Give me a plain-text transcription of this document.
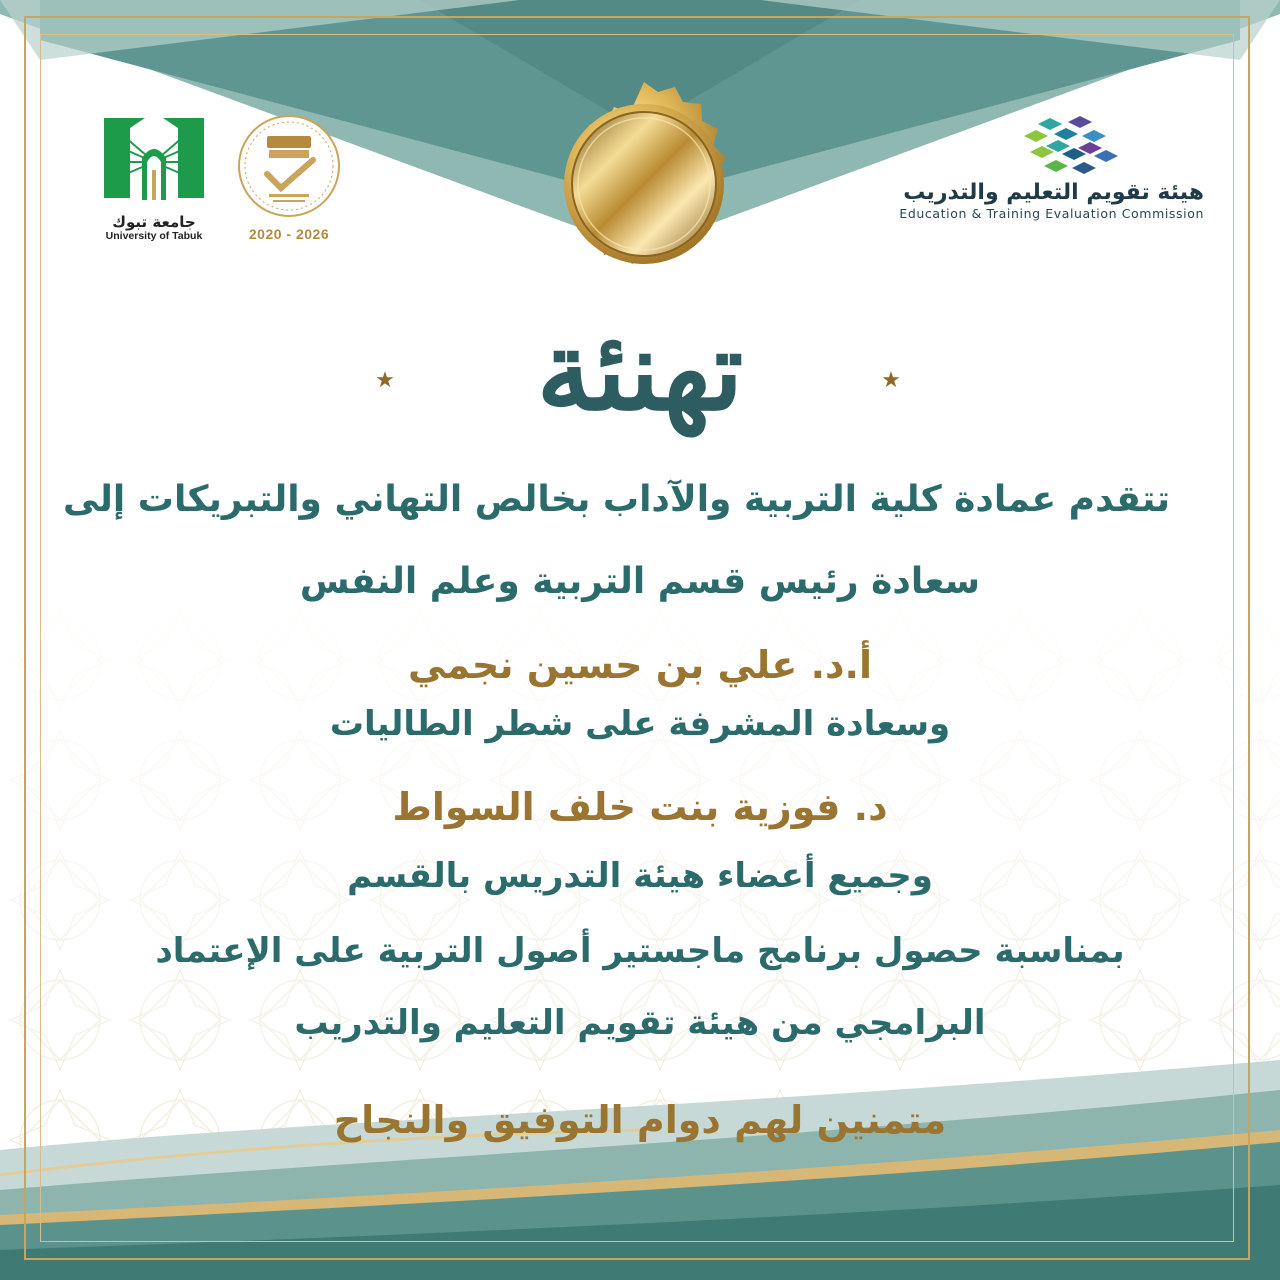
جامعة تبوك
University of Tabuk	2020 - 2026
هيئة تقويم التعليم والتدريب
Education & Training Evaluation Commission
★	تهنئة	★
تتقدم عمادة كلية التربية والآداب بخالص التهاني والتبريكات إلى
سعادة رئيس قسم التربية وعلم النفس
أ.د. علي بن حسين نجمي
وسعادة المشرفة على شطر الطاليات
د. فوزية بنت خلف السواط
وجميع أعضاء هيئة التدريس بالقسم
بمناسبة حصول برنامج ماجستير أصول التربية على الإعتماد
البرامجي من هيئة تقويم التعليم والتدريب
متمنين لهم دوام التوفيق والنجاح
